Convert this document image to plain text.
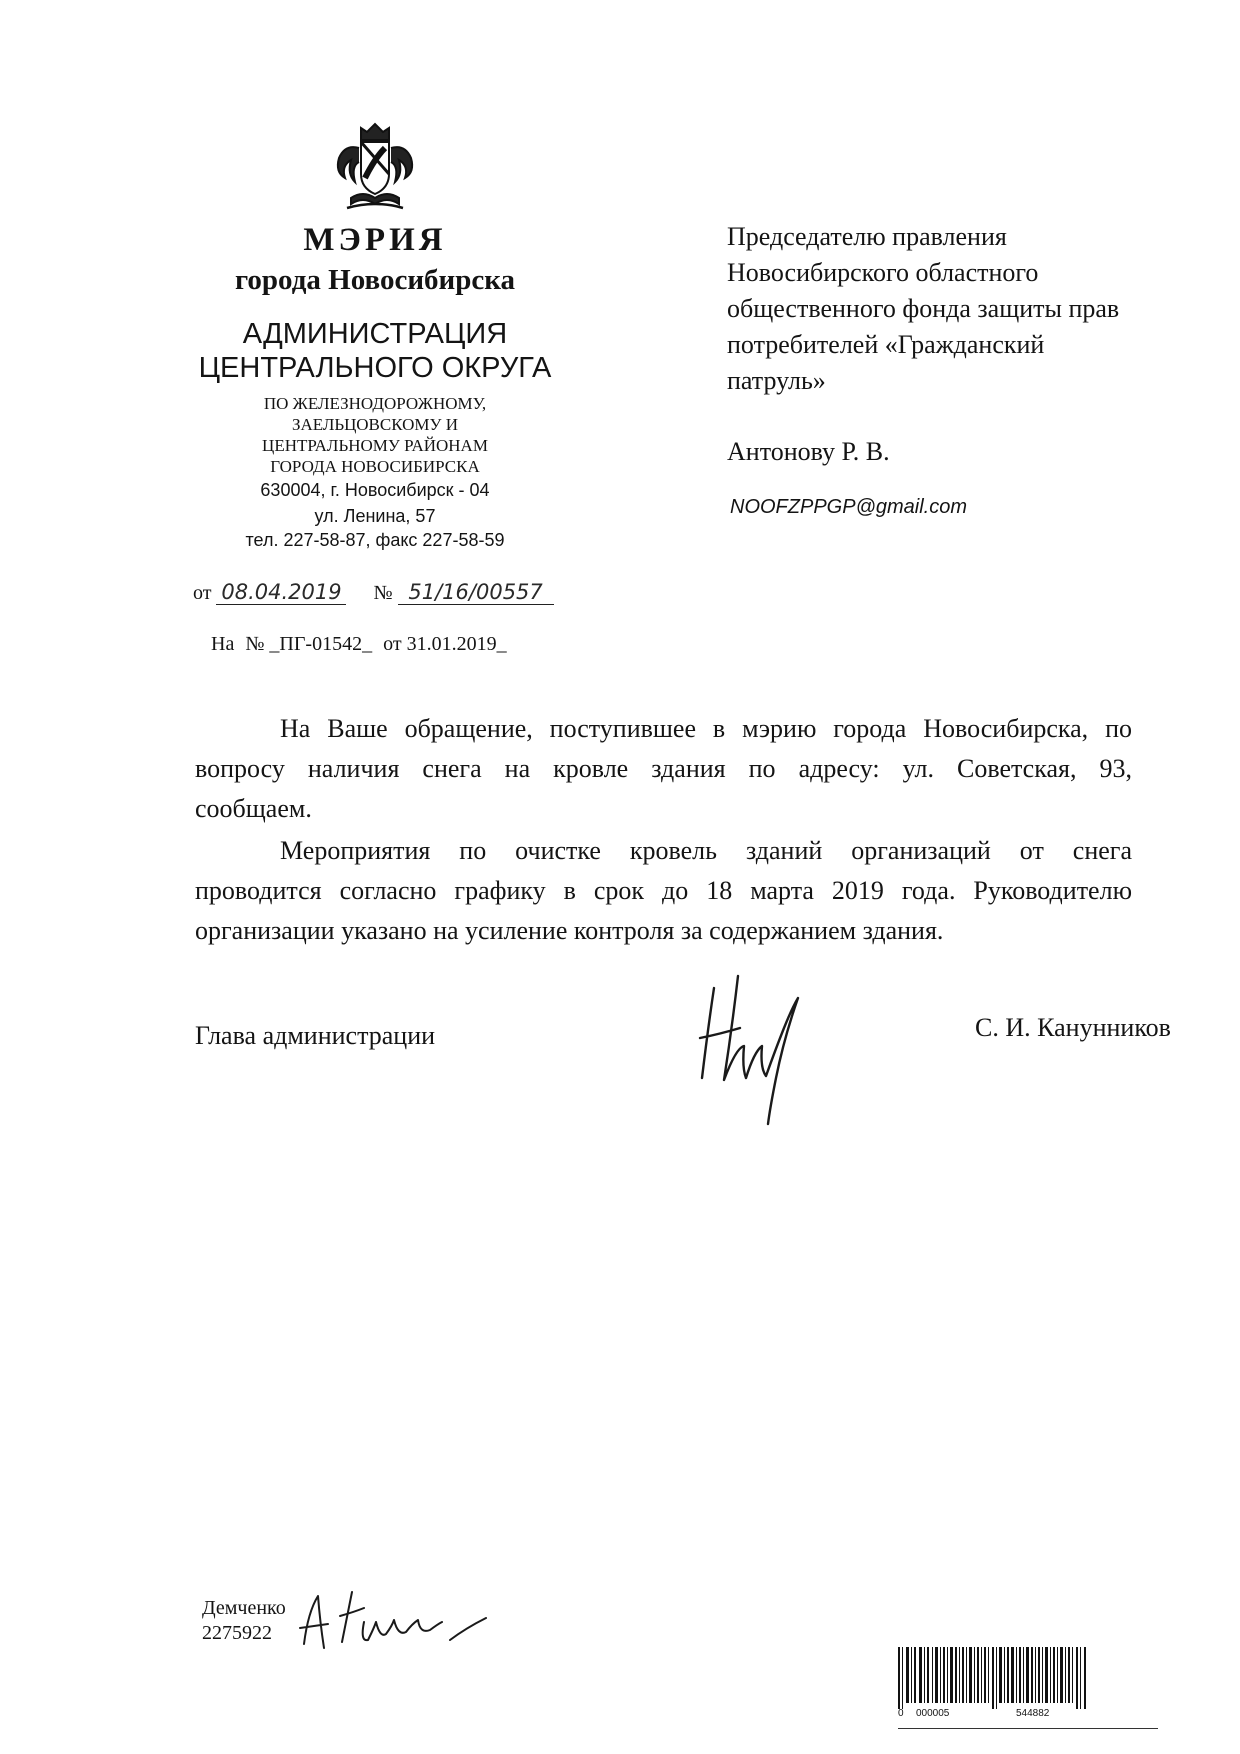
МЭРИЯ
города Новосибирска
АДМИНИСТРАЦИЯ
ЦЕНТРАЛЬНОГО ОКРУГА
ПО ЖЕЛЕЗНОДОРОЖНОМУ,
ЗАЕЛЬЦОВСКОМУ И
ЦЕНТРАЛЬНОМУ РАЙОНАМ
ГОРОДА НОВОСИБИРСКА
630004, г. Новосибирск - 04
ул. Ленина, 57
тел. 227-58-87, факс 227-58-59
от 08.04.2019 № 51/16/00557
На № _ПГ-01542_ от 31.01.2019_
Председателю правления
Новосибирского областного
общественного фонда защиты прав
потребителей «Гражданский
патруль»
Антонову Р. В.
NOOFZPPGP@gmail.com
На Ваше обращение, поступившее в мэрию города Новосибирска, по
вопросу наличия снега на кровле здания по адресу: ул. Советская, 93,
сообщаем.
Мероприятия по очистке кровель зданий организаций от снега
проводится согласно графику в срок до 18 марта 2019 года. Руководителю
организации указано на усиление контроля за содержанием здания.
Глава администрации	С. И. Канунников
Демченко
2275922
0 000005	544882
